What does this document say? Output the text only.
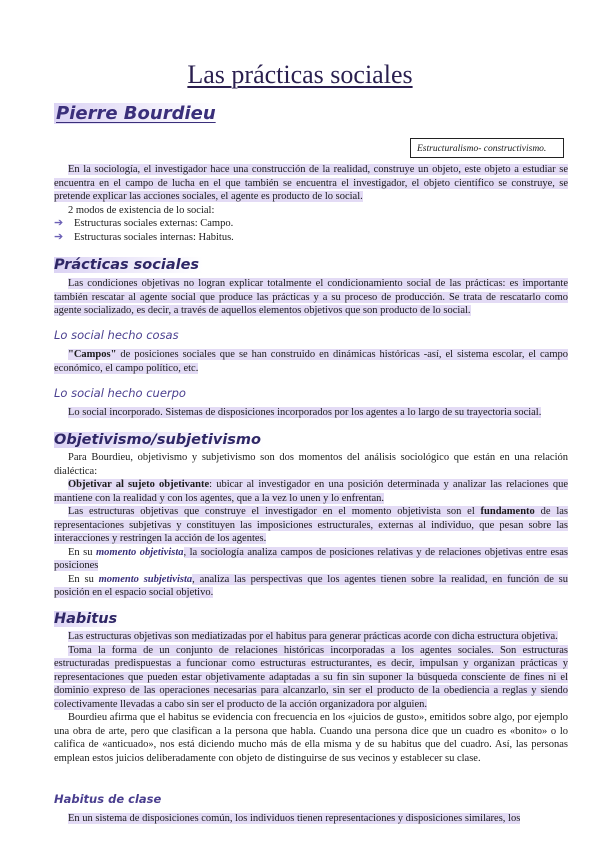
Las prácticas sociales
Pierre Bourdieu
Estructuralismo- constructivismo.

En la sociología, el investigador hace una construcción de la realidad, construye un objeto, este objeto a estudiar se encuentra en el campo de lucha en el que también se encuentra el investigador, el objeto científico se construye, se pretende explicar las acciones sociales, el agente es producto de lo social.

2 modos de existencia de lo social:

➔	Estructuras sociales externas: Campo.
➔	Estructuras sociales internas: Habitus.
Prácticas sociales

Las condiciones objetivas no logran explicar totalmente el condicionamiento social de las prácticas: es importante también rescatar al agente social que produce las prácticas y a su proceso de producción. Se trata de rescatarlo como agente socializado, es decir, a través de aquellos elementos objetivos que son producto de lo social.

Lo social hecho cosas

"Campos" de posiciones sociales que se han construido en dinámicas históricas -así, el sistema escolar, el campo económico, el campo político, etc.

Lo social hecho cuerpo

Lo social incorporado. Sistemas de disposiciones incorporados por los agentes a lo largo de su trayectoria social.

Objetivismo/subjetivismo

Para Bourdieu, objetivismo y subjetivismo son dos momentos del análisis sociológico que están en una relación dialéctica:

Objetivar al sujeto objetivante: ubicar al investigador en una posición determinada y analizar las relaciones que mantiene con la realidad y con los agentes, que a la vez lo unen y lo enfrentan.

Las estructuras objetivas que construye el investigador en el momento objetivista son el fundamento de las representaciones subjetivas y constituyen las imposiciones estructurales, externas al individuo, que pesan sobre las interacciones y restringen la acción de los agentes.

En su momento objetivista, la sociología analiza campos de posiciones relativas y de relaciones objetivas entre esas posiciones

En su momento subjetivista, analiza las perspectivas que los agentes tienen sobre la realidad, en función de su posición en el espacio social objetivo.

Habitus

Las estructuras objetivas son mediatizadas por el habitus para generar prácticas acorde con dicha estructura objetiva.

Toma la forma de un conjunto de relaciones históricas incorporadas a los agentes sociales. Son estructuras estructuradas predispuestas a funcionar como estructuras estructurantes, es decir, impulsan y organizan prácticas y representaciones que pueden estar objetivamente adaptadas a su fin sin suponer la búsqueda consciente de fines ni el dominio expreso de las operaciones necesarias para alcanzarlo, sin ser el producto de la obediencia a reglas y siendo colectivamente llevadas a cabo sin ser el producto de la acción organizadora por alguien.

Bourdieu afirma que el habitus se evidencia con frecuencia en los «juicios de gusto», emitidos sobre algo, por ejemplo una obra de arte, pero que clasifican a la persona que habla. Cuando una persona dice que un cuadro es «bonito» o lo califica de «anticuado», nos está diciendo mucho más de ella misma y de su habitus que del cuadro. Así, las personas emplean estos juicios deliberadamente con objeto de distinguirse de sus vecinos y establecer su clase.

Habitus de clase

En un sistema de disposiciones común, los individuos tienen representaciones y disposiciones similares, los
